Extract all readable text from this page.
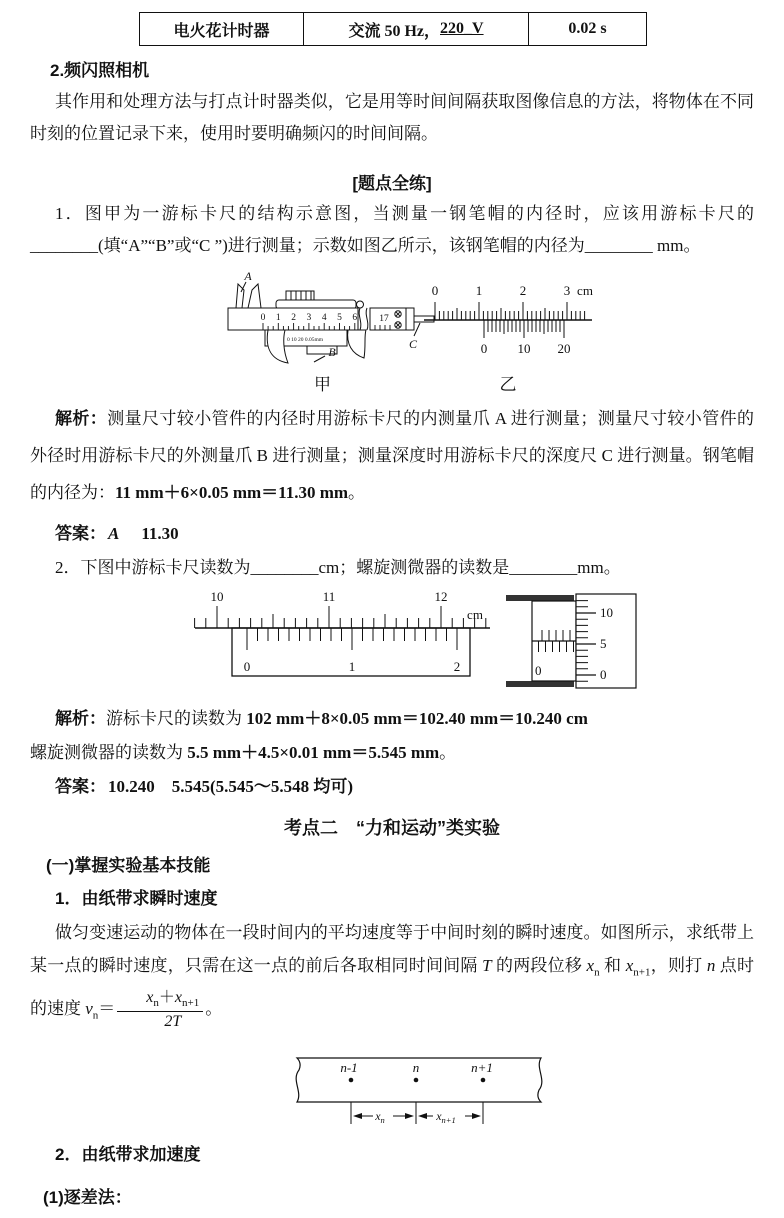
电火花计时器	交流 50 Hz， 220_V	0.02 s
2.频闪照相机
其作用和处理方法与打点计时器类似，它是用等时间间隔获取图像信息的方法，将物体在不同时刻的位置记录下来，使用时要明确频闪的时间间隔。
[题点全练]
1．图甲为一游标卡尺的结构示意图，当测量一钢笔帽的内径时，应该用游标卡尺的________(填“A”“B”或“C ”)进行测量；示数如图乙所示，该钢笔帽的内径为________ mm。
0 1 2 3 4 5 6 17
0 10 20 0.05mm
A
B
C
甲
0	1	2	3 cm
0 10 20
乙
解析：测量尺寸较小管件的内径时用游标卡尺的内测量爪 A 进行测量；测量尺寸较小管件的外径时用游标卡尺的外测量爪 B 进行测量；测量深度时用游标卡尺的深度尺 C 进行测量。钢笔帽的内径为：11 mm＋6×0.05 mm＝11.30 mm。
答案： A 11.30
2．下图中游标卡尺读数为________cm；螺旋测微器的读数是________mm。
10	11	12
cm
0	1	2	0
10
5
0
解析：游标卡尺的读数为 102 mm＋8×0.05 mm＝102.40 mm＝10.240 cm
螺旋测微器的读数为 5.5 mm＋4.5×0.01 mm＝5.545 mm。
答案： 10.240　5.545(5.545～5.548 均可)
考点二　“力和运动”类实验
(一)掌握实验基本技能
1．由纸带求瞬时速度
做匀变速运动的物体在一段时间内的平均速度等于中间时刻的瞬时速度。如图所示，求纸带上某一点的瞬时速度，只需在这一点的前后各取相同时间间隔 T 的两段位移 $x_n$ 和 $x_{n+1}$，则打 n 点时的速度 $v_n= \frac{x_n+x_{n+1}}{2T}$ 。
n-1	n	n+1
$x_n$	$x_{n+1}$
2．由纸带求加速度
(1)逐差法：
